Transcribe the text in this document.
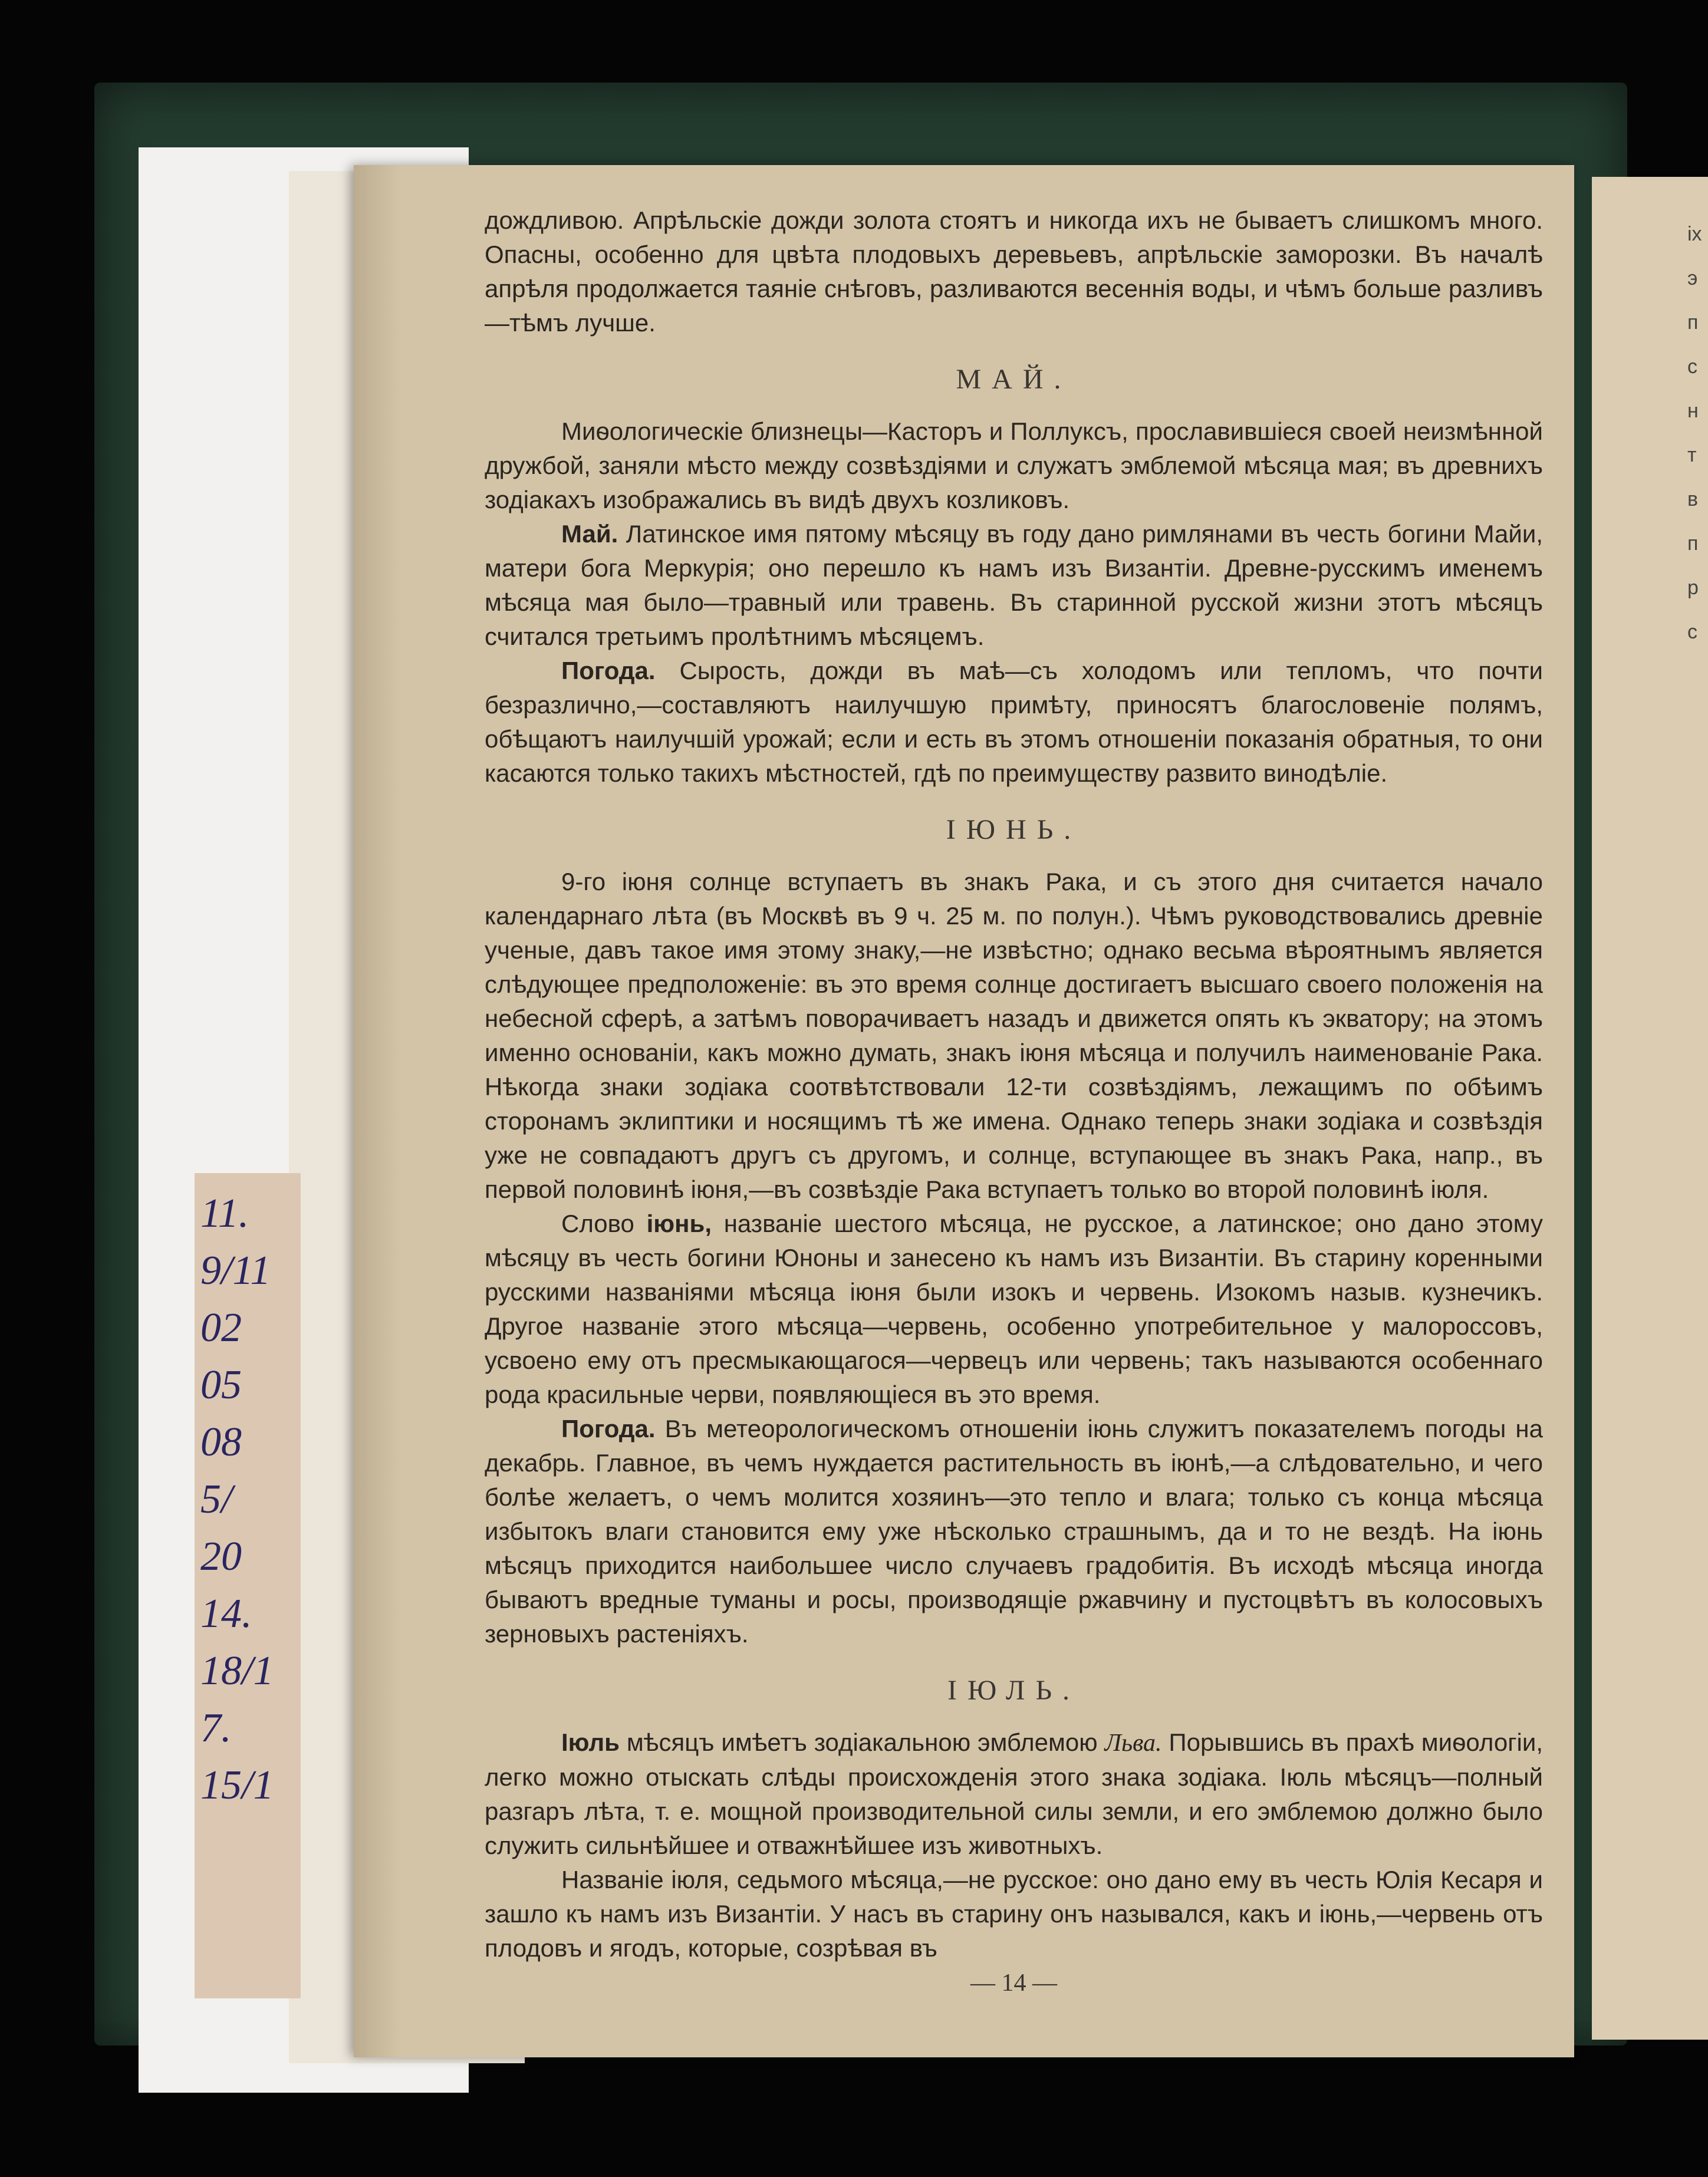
11.
9/11
02
05
08
5/
20
14.
18/1
7.
15/1
ix
э
п
с
н
т
в
п
р
с

дождливою. Апрѣльскіе дожди золота стоятъ и никогда ихъ не бываетъ слишкомъ много. Опасны, особенно для цвѣта плодовыхъ деревьевъ, апрѣльскіе заморозки. Въ началѣ апрѣля продолжается таяніе снѣговъ, разливаются весеннія воды, и чѣмъ больше разливъ—тѣмъ лучше.

МАЙ.

Миѳологическіе близнецы—Касторъ и Поллуксъ, прославившіеся своей неизмѣнной дружбой, заняли мѣсто между созвѣздіями и служатъ эмблемой мѣсяца мая; въ древнихъ зодіакахъ изображались въ видѣ двухъ козликовъ.

Май. Латинское имя пятому мѣсяцу въ году дано римлянами въ честь богини Майи, матери бога Меркурія; оно перешло къ намъ изъ Византіи. Древне-русскимъ именемъ мѣсяца мая было—травный или травень. Въ старинной русской жизни этотъ мѣсяцъ считался третьимъ пролѣтнимъ мѣсяцемъ.

Погода. Сырость, дожди въ маѣ—съ холодомъ или тепломъ, что почти безразлично,—составляютъ наилучшую примѣту, приносятъ благословеніе полямъ, обѣщаютъ наилучшій урожай; если и есть въ этомъ отношеніи показанія обратныя, то они касаются только такихъ мѣстностей, гдѣ по преимуществу развито винодѣліе.

ІЮНЬ.

9-го іюня солнце вступаетъ въ знакъ Рака, и съ этого дня считается начало календарнаго лѣта (въ Москвѣ въ 9 ч. 25 м. по полун.). Чѣмъ руководствовались древніе ученые, давъ такое имя этому знаку,—не извѣстно; однако весьма вѣроятнымъ является слѣдующее предположеніе: въ это время солнце достигаетъ высшаго своего положенія на небесной сферѣ, а затѣмъ поворачиваетъ назадъ и движется опять къ экватору; на этомъ именно основаніи, какъ можно думать, знакъ іюня мѣсяца и получилъ наименованіе Рака. Нѣкогда знаки зодіака соотвѣтствовали 12-ти созвѣздіямъ, лежащимъ по обѣимъ сторонамъ эклиптики и носящимъ тѣ же имена. Однако теперь знаки зодіака и созвѣздія уже не совпадаютъ другъ съ другомъ, и солнце, вступающее въ знакъ Рака, напр., въ первой половинѣ іюня,—въ созвѣздіе Рака вступаетъ только во второй половинѣ іюля.

Слово іюнь, названіе шестого мѣсяца, не русское, а латинское; оно дано этому мѣсяцу въ честь богини Юноны и занесено къ намъ изъ Византіи. Въ старину коренными русскими названіями мѣсяца іюня были изокъ и червень. Изокомъ назыв. кузнечикъ. Другое названіе этого мѣсяца—червень, особенно употребительное у малороссовъ, усвоено ему отъ пресмыкающагося—червецъ или червень; такъ называются особеннаго рода красильные черви, появляющіеся въ это время.

Погода. Въ метеорологическомъ отношеніи іюнь служитъ показателемъ погоды на декабрь. Главное, въ чемъ нуждается растительность въ іюнѣ,—а слѣдовательно, и чего болѣе желаетъ, о чемъ молится хозяинъ—это тепло и влага; только съ конца мѣсяца избытокъ влаги становится ему уже нѣсколько страшнымъ, да и то не вездѣ. На іюнь мѣсяцъ приходится наибольшее число случаевъ градобитія. Въ исходѣ мѣсяца иногда бываютъ вредные туманы и росы, производящіе ржавчину и пустоцвѣтъ въ колосовыхъ зерновыхъ растеніяхъ.

ІЮЛЬ.

Іюль мѣсяцъ имѣетъ зодіакальною эмблемою Льва. Порывшись въ прахѣ миѳологіи, легко можно отыскать слѣды происхожденія этого знака зодіака. Іюль мѣсяцъ—полный разгаръ лѣта, т. е. мощной производительной силы земли, и его эмблемою должно было служить сильнѣйшее и отважнѣйшее изъ животныхъ.

Названіе іюля, седьмого мѣсяца,—не русское: оно дано ему въ честь Юлія Кесаря и зашло къ намъ изъ Византіи. У насъ въ старину онъ назывался, какъ и іюнь,—червень отъ плодовъ и ягодъ, которые, созрѣвая въ

— 14 —
